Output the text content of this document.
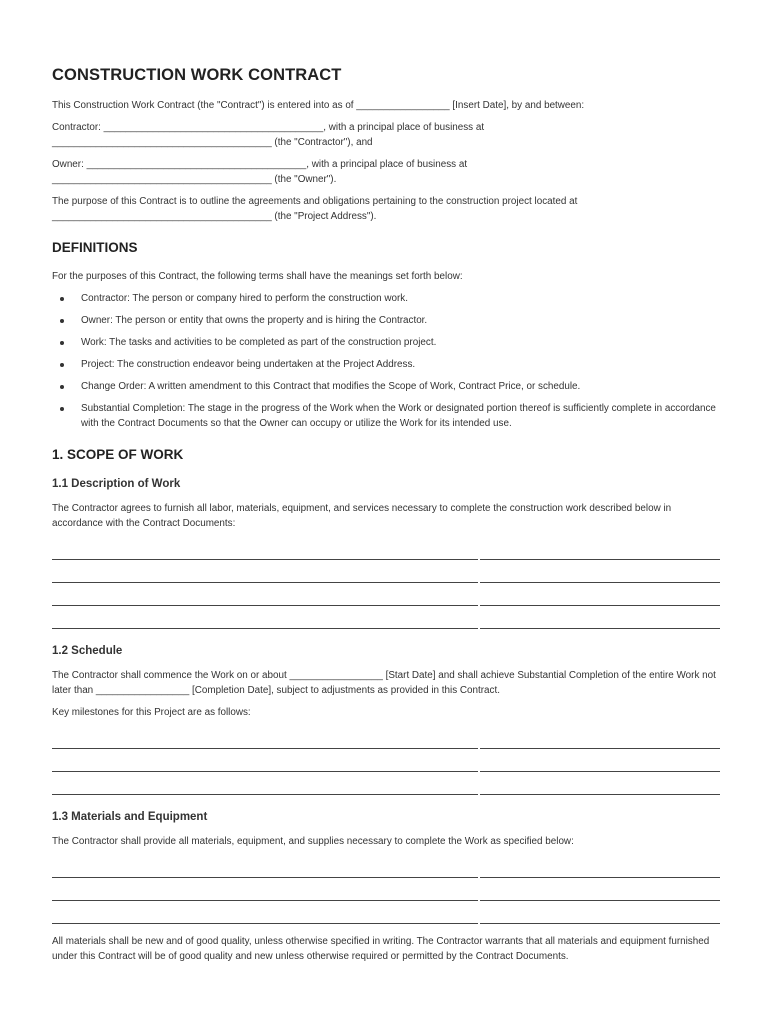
CONSTRUCTION WORK CONTRACT

This Construction Work Contract (the "Contract") is entered into as of _________________ [Insert Date], by and between:

Contractor: ________________________________________, with a principal place of business at

________________________________________ (the "Contractor"), and

Owner: ________________________________________, with a principal place of business at

________________________________________ (the "Owner").

The purpose of this Contract is to outline the agreements and obligations pertaining to the construction project located at

________________________________________ (the "Project Address").

DEFINITIONS

For the purposes of this Contract, the following terms shall have the meanings set forth below:

Contractor: The person or company hired to perform the construction work.
Owner: The person or entity that owns the property and is hiring the Contractor.
Work: The tasks and activities to be completed as part of the construction project.
Project: The construction endeavor being undertaken at the Project Address.
Change Order: A written amendment to this Contract that modifies the Scope of Work, Contract Price, or schedule.
Substantial Completion: The stage in the progress of the Work when the Work or designated portion thereof is sufficiently complete in accordance with the Contract Documents so that the Owner can occupy or utilize the Work for its intended use.
1. SCOPE OF WORK
1.1 Description of Work

The Contractor agrees to furnish all labor, materials, equipment, and services necessary to complete the construction work described below in accordance with the Contract Documents:

1.2 Schedule

The Contractor shall commence the Work on or about _________________ [Start Date] and shall achieve Substantial Completion of the entire Work not later than _________________ [Completion Date], subject to adjustments as provided in this Contract.

Key milestones for this Project are as follows:

1.3 Materials and Equipment

The Contractor shall provide all materials, equipment, and supplies necessary to complete the Work as specified below:

All materials shall be new and of good quality, unless otherwise specified in writing. The Contractor warrants that all materials and equipment furnished under this Contract will be of good quality and new unless otherwise required or permitted by the Contract Documents.
